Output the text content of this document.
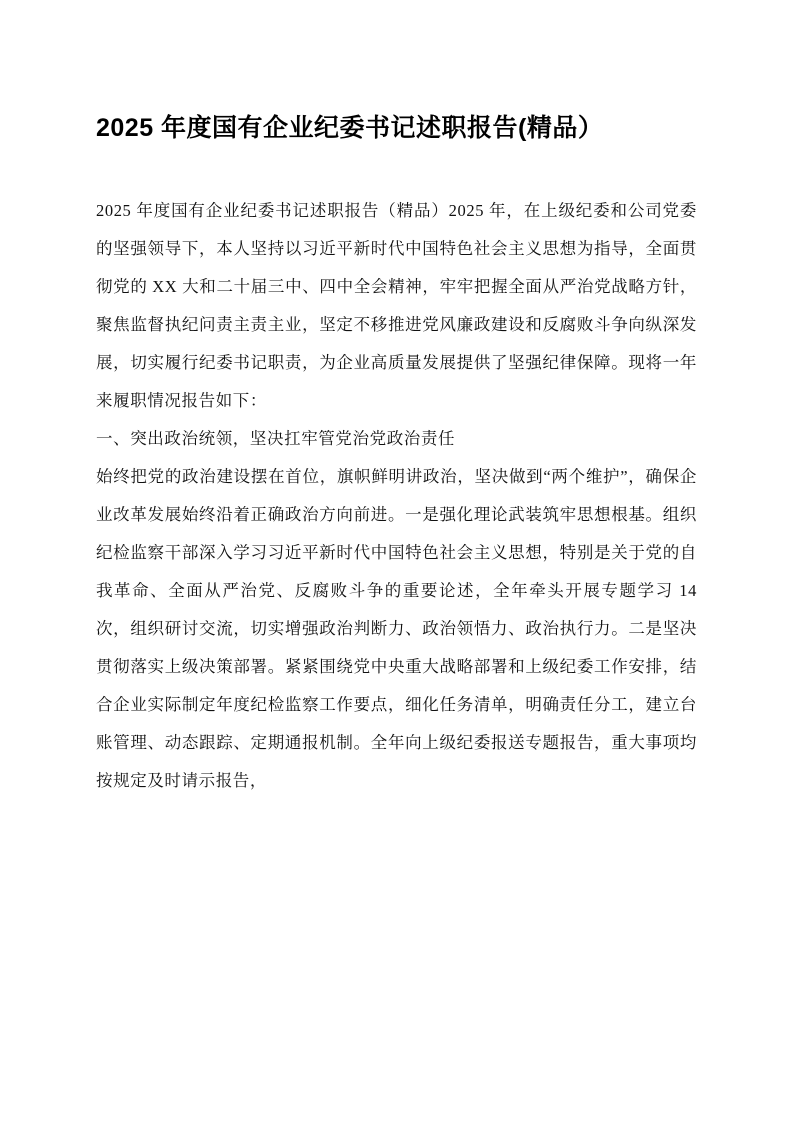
2025 年度国有企业纪委书记述职报告(精品）

2025 年度国有企业纪委书记述职报告（精品）2025 年，在上级纪委和公司党委的坚强领导下，本人坚持以习近平新时代中国特色社会主义思想为指导，全面贯彻党的 XX 大和二十届三中、四中全会精神，牢牢把握全面从严治党战略方针，聚焦监督执纪问责主责主业，坚定不移推进党风廉政建设和反腐败斗争向纵深发展，切实履行纪委书记职责，为企业高质量发展提供了坚强纪律保障。现将一年来履职情况报告如下：

一、突出政治统领，坚决扛牢管党治党政治责任

始终把党的政治建设摆在首位，旗帜鲜明讲政治，坚决做到“两个维护”，确保企业改革发展始终沿着正确政治方向前进。一是强化理论武装筑牢思想根基。组织纪检监察干部深入学习习近平新时代中国特色社会主义思想，特别是关于党的自我革命、全面从严治党、反腐败斗争的重要论述，全年牵头开展专题学习 14 次，组织研讨交流，切实增强政治判断力、政治领悟力、政治执行力。二是坚决贯彻落实上级决策部署。紧紧围绕党中央重大战略部署和上级纪委工作安排，结合企业实际制定年度纪检监察工作要点，细化任务清单，明确责任分工，建立台账管理、动态跟踪、定期通报机制。全年向上级纪委报送专题报告，重大事项均按规定及时请示报告，
